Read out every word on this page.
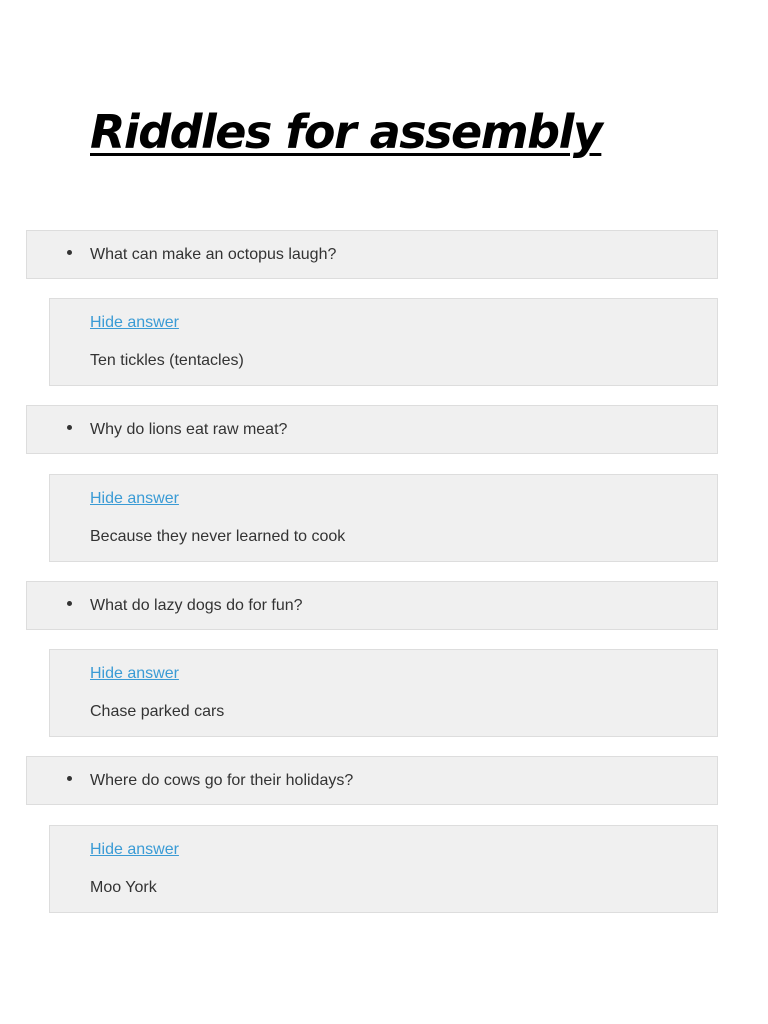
Riddles for assembly
What can make an octopus laugh?
Hide answer
Ten tickles (tentacles)
Why do lions eat raw meat?
Hide answer
Because they never learned to cook
What do lazy dogs do for fun?
Hide answer
Chase parked cars
Where do cows go for their holidays?
Hide answer
Moo York
